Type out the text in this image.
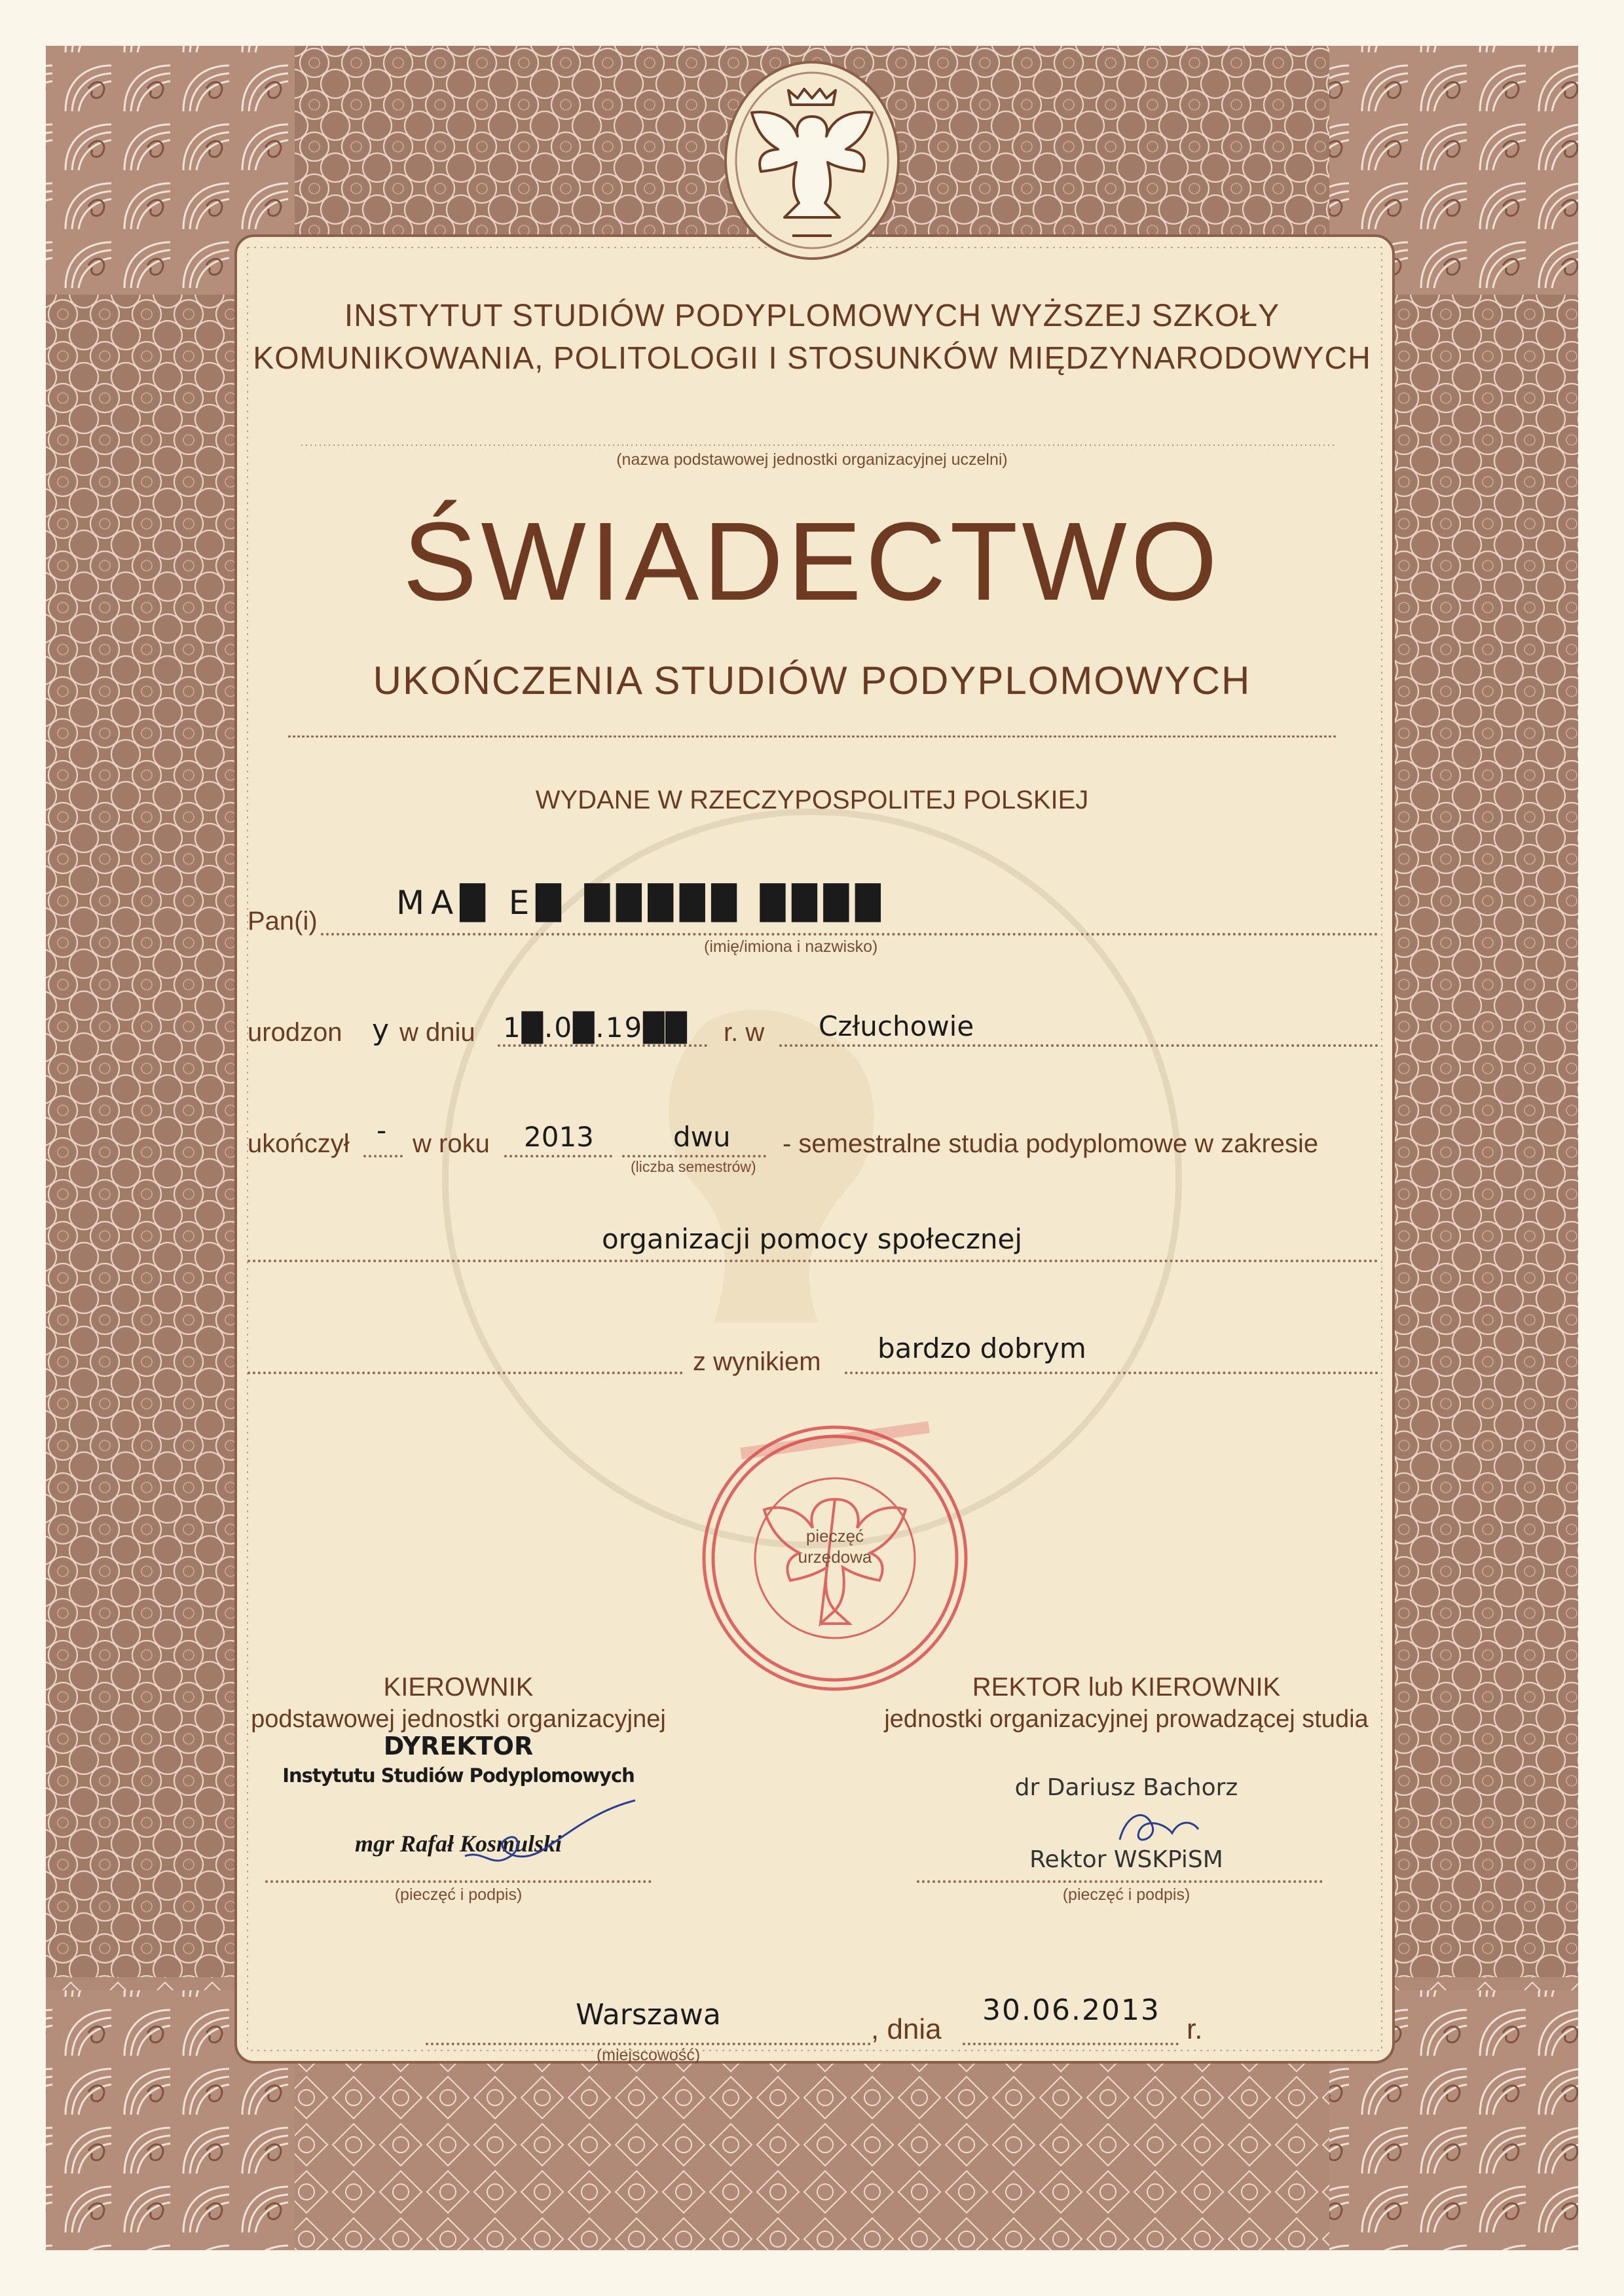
INSTYTUT STUDIÓW PODYPLOMOWYCH WYŻSZEJ SZKOŁY
KOMUNIKOWANIA, POLITOLOGII I STOSUNKÓW MIĘDZYNARODOWYCH
(nazwa podstawowej jednostki organizacyjnej uczelni)
ŚWIADECTWO
UKOŃCZENIA STUDIÓW PODYPLOMOWYCH
WYDANE W RZECZYPOSPOLITEJ POLSKIEJ
Pan(i) MA█ E█ █████ ████
(imię/imiona i nazwisko)
urodzon y w dniu 1█.0█.19██ r. w Człuchowie
ukończył - w roku 2013	dwu
(liczba semestrów)
- semestralne studia podyplomowe w zakresie
organizacji pomocy społecznej
z wynikiem bardzo dobrym
pieczęć
urzędowa
KIEROWNIK
podstawowej jednostki organizacyjnej
DYREKTOR
Instytutu Studiów Podyplomowych
mgr Rafał Kosmulski
(pieczęć i podpis)
REKTOR lub KIEROWNIK
jednostki organizacyjnej prowadzącej studia
dr Dariusz Bachorz
Rektor WSKPiSM
(pieczęć i podpis)
Warszawa
(miejscowość)
, dnia
30.06.2013
r.
